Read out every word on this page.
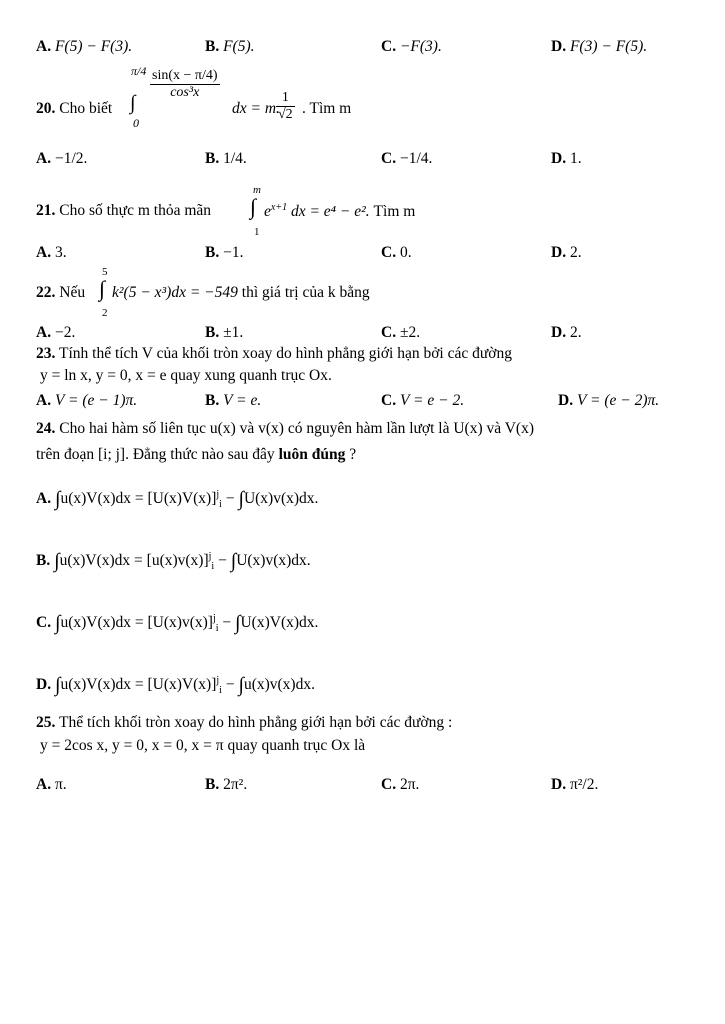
A. F(5) − F(3).	B. F(5).	C. −F(3).	D. F(3) − F(5).
20. Cho biết
π/4
0
∫
$\frac{\sin(x - \pi/4)}{\text{cos³x}}$
dx = m.
$\frac{1}{√2}$ . Tìm m
A. −1/2.	B. 1/4.	C. −1/4.	D. 1.
21. Cho số thực m thỏa mãn
m
1
∫ $e^{x+1}$ dx = e⁴ − e². Tìm m
A. 3.	B. −1.	C. 0.	D. 2.
22. Nếu
5
2
∫ k²(5 − x³)dx = −549 thì giá trị của k bằng
A. −2.	B. ±1.	C. ±2.	D. 2.
23. Tính thể tích V của khối tròn xoay do hình phẳng giới hạn bởi các đường
y = ln x, y = 0, x = e quay xung quanh trục Ox.
A. V = (e − 1)π.	B. V = e.	C. V = e − 2.	D. V = (e − 2)π.
24. Cho hai hàm số liên tục u(x) và v(x) có nguyên hàm lần lượt là U(x) và V(x)
trên đoạn [i; j]. Đẳng thức nào sau đây luôn đúng ?
A. $\int u(x)V(x)dx = [U(x)V(x)]^j_i - \int U(x)v(x)dx$.
B. $\int u(x)V(x)dx = [u(x)v(x)]^j_i - \int U(x)v(x)dx$.
C. $\int u(x)V(x)dx = [U(x)v(x)]^j_i - \int U(x)V(x)dx$.
D. $\int u(x)V(x)dx = [U(x)V(x)]^j_i - \int u(x)v(x)dx$.
25. Thể tích khối tròn xoay do hình phẳng giới hạn bởi các đường :
y = 2cos x, y = 0, x = 0, x = π quay quanh trục Ox là
A. π.	B. 2π².	C. 2π.	D. π²/2.
